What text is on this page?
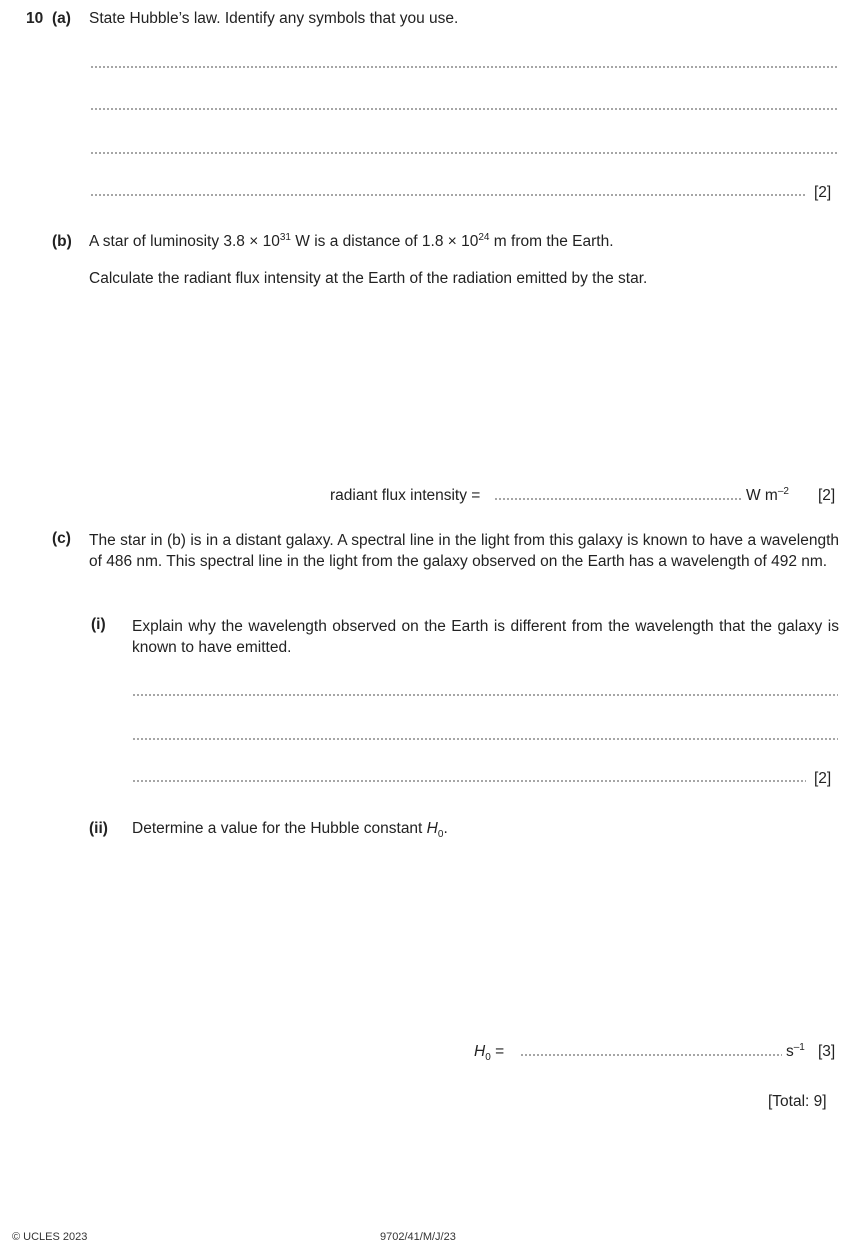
10 (a) State Hubble’s law. Identify any symbols that you use.
[2]
(b) A star of luminosity $3.8 \times 10^{31}$ W is a distance of $1.8 \times 10^{24}$ m from the Earth.
Calculate the radiant flux intensity at the Earth of the radiation emitted by the star.
radiant flux intensity =	W $m^{-2}$ [2]
(c) The star in (b) is in a distant galaxy. A spectral line in the light from this galaxy is known to have a wavelength of 486 nm. This spectral line in the light from the galaxy observed on the Earth has a wavelength of 492 nm.
(i) Explain why the wavelength observed on the Earth is different from the wavelength that the galaxy is known to have emitted.
[2]
(ii) Determine a value for the Hubble constant $H_0$.
$H_0$ =	$s^{-1}$ [3]
[Total: 9]
© UCLES 2023	9702/41/M/J/23
